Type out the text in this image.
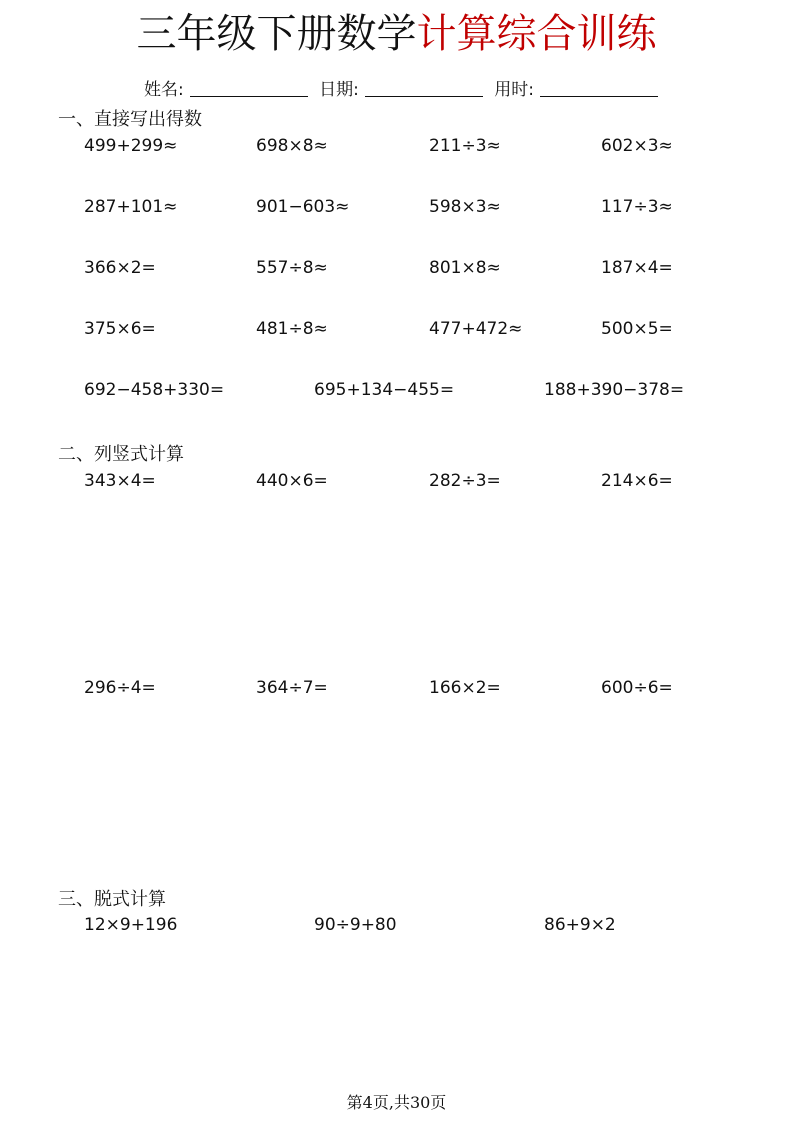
三年级下册数学计算综合训练
姓名:	日期:	用时:
一、直接写出得数
499+299≈	698×8≈	211÷3≈	602×3≈
287+101≈	901−603≈	598×3≈	117÷3≈
366×2=	557÷8≈	801×8≈	187×4=
375×6=	481÷8≈	477+472≈	500×5=
692−458+330=	695+134−455=	188+390−378=
二、列竖式计算
343×4=	440×6=	282÷3=	214×6=
296÷4=	364÷7=	166×2=	600÷6=
三、脱式计算
12×9+196	90÷9+80	86+9×2
第4页,共30页
